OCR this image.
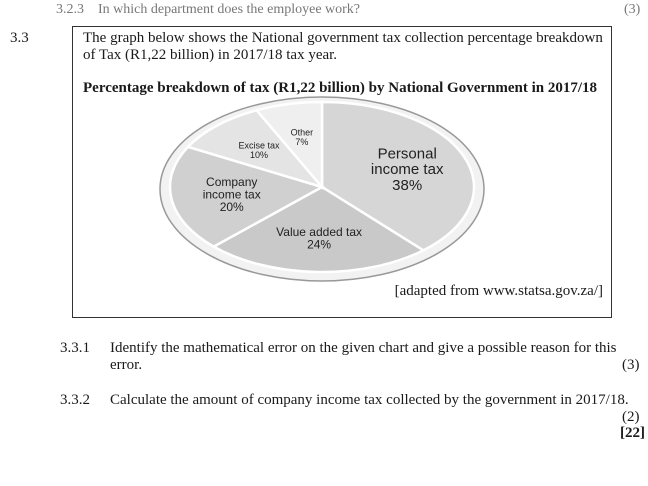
3.2.3 In which department does the employee work?	(3)
3.3	The graph below shows the National government tax collection percentage breakdown of Tax (R1,22 billion) in 2017/18 tax year.
Percentage breakdown of tax (R1,22 billion) by National Government in 2017/18
Personal income tax 38%
Value added tax 24%
Company income tax 20%
Excise tax 10%
Other 7%
[adapted from www.statsa.gov.za/]
3.3.1 Identify the mathematical error on the given chart and give a possible reason for this error.	(3)
3.3.2 Calculate the amount of company income tax collected by the government in 2017/18.
(2)
[22]
